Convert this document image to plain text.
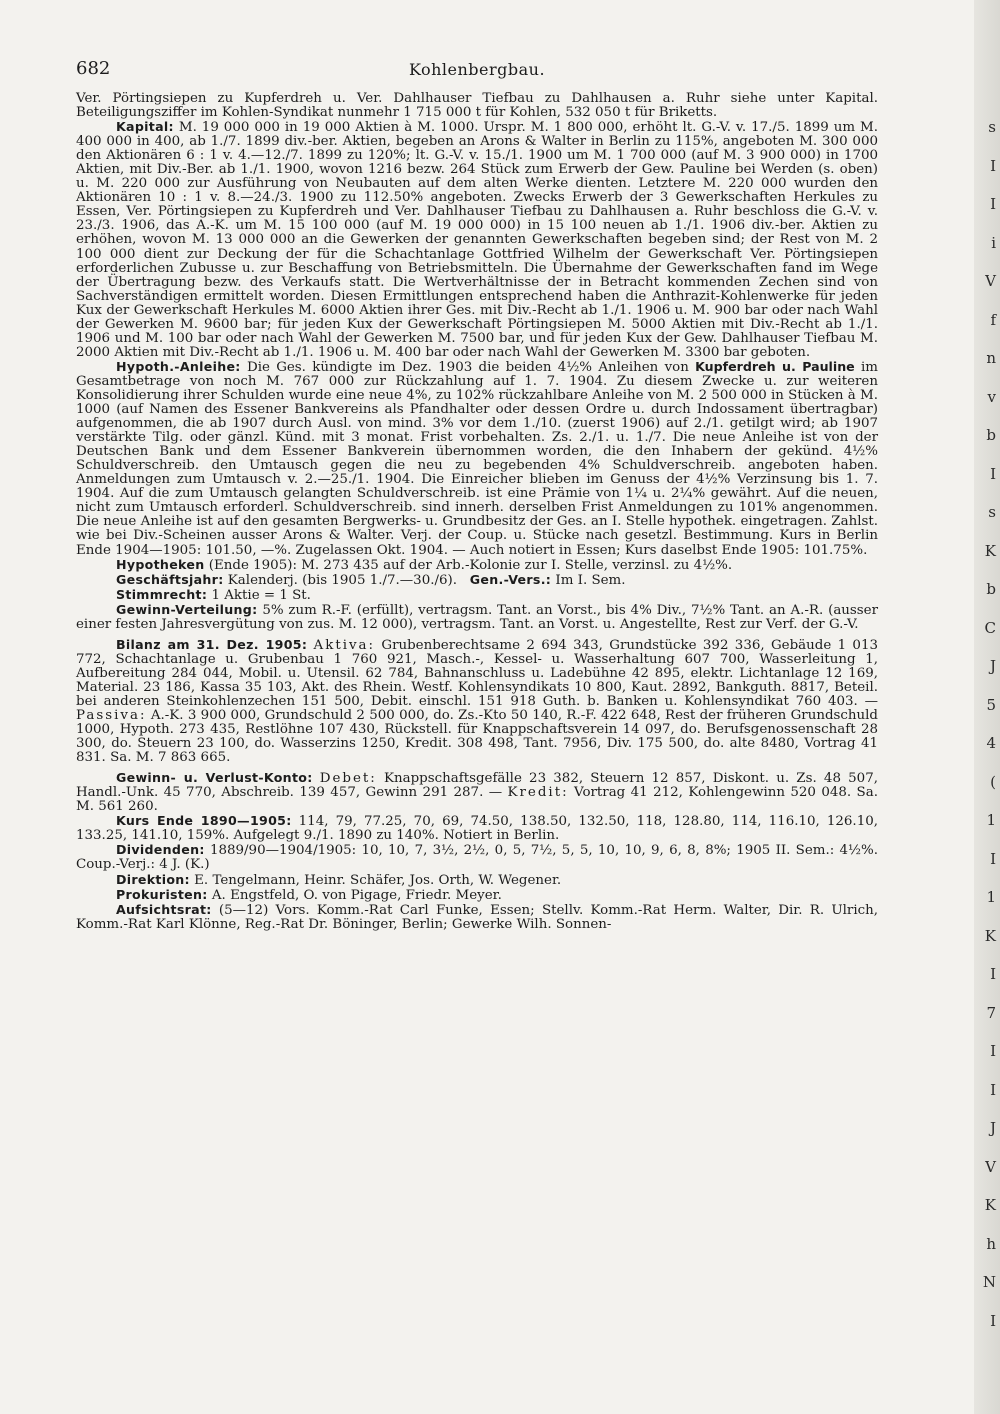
s
I
I
i
V
f
n
v
b
I
s
K
b
C
J
5
4
(
1
I
1
K
I
7
I
I
J
V
K
h
N
I
682	Kohlenbergbau.

Ver. Pörtingsiepen zu Kupferdreh u. Ver. Dahlhauser Tiefbau zu Dahlhausen a. Ruhr siehe unter Kapital. Beteiligungsziffer im Kohlen-Syndikat nunmehr 1 715 000 t für Kohlen, 532 050 t für Briketts.

Kapital: M. 19 000 000 in 19 000 Aktien à M. 1000. Urspr. M. 1 800 000, erhöht lt. G.-V. v. 17./5. 1899 um M. 400 000 in 400, ab 1./7. 1899 div.-ber. Aktien, begeben an Arons & Walter in Berlin zu 115%, angeboten M. 300 000 den Aktionären 6 : 1 v. 4.—12./7. 1899 zu 120%; lt. G.-V. v. 15./1. 1900 um M. 1 700 000 (auf M. 3 900 000) in 1700 Aktien, mit Div.-Ber. ab 1./1. 1900, wovon 1216 bezw. 264 Stück zum Erwerb der Gew. Pauline bei Werden (s. oben) u. M. 220 000 zur Ausführung von Neubauten auf dem alten Werke dienten. Letztere M. 220 000 wurden den Aktionären 10 : 1 v. 8.—24./3. 1900 zu 112.50% angeboten. Zwecks Erwerb der 3 Gewerkschaften Herkules zu Essen, Ver. Pörtingsiepen zu Kupferdreh und Ver. Dahlhauser Tiefbau zu Dahlhausen a. Ruhr beschloss die G.-V. v. 23./3. 1906, das A.-K. um M. 15 100 000 (auf M. 19 000 000) in 15 100 neuen ab 1./1. 1906 div.-ber. Aktien zu erhöhen, wovon M. 13 000 000 an die Gewerken der genannten Gewerkschaften begeben sind; der Rest von M. 2 100 000 dient zur Deckung der für die Schachtanlage Gottfried Wilhelm der Gewerkschaft Ver. Pörtingsiepen erforderlichen Zubusse u. zur Beschaffung von Betriebsmitteln. Die Übernahme der Gewerkschaften fand im Wege der Übertragung bezw. des Verkaufs statt. Die Wertverhältnisse der in Betracht kommenden Zechen sind von Sachverständigen ermittelt worden. Diesen Ermittlungen entsprechend haben die Anthrazit-Kohlenwerke für jeden Kux der Gewerkschaft Herkules M. 6000 Aktien ihrer Ges. mit Div.-Recht ab 1./1. 1906 u. M. 900 bar oder nach Wahl der Gewerken M. 9600 bar; für jeden Kux der Gewerkschaft Pörtingsiepen M. 5000 Aktien mit Div.-Recht ab 1./1. 1906 und M. 100 bar oder nach Wahl der Gewerken M. 7500 bar, und für jeden Kux der Gew. Dahlhauser Tiefbau M. 2000 Aktien mit Div.-Recht ab 1./1. 1906 u. M. 400 bar oder nach Wahl der Gewerken M. 3300 bar geboten.

Hypoth.-Anleihe: Die Ges. kündigte im Dez. 1903 die beiden 4½% Anleihen von Kupferdreh u. Pauline im Gesamtbetrage von noch M. 767 000 zur Rückzahlung auf 1. 7. 1904. Zu diesem Zwecke u. zur weiteren Konsolidierung ihrer Schulden wurde eine neue 4%, zu 102% rückzahlbare Anleihe von M. 2 500 000 in Stücken à M. 1000 (auf Namen des Essener Bankvereins als Pfandhalter oder dessen Ordre u. durch Indossament übertragbar) aufgenommen, die ab 1907 durch Ausl. von mind. 3% vor dem 1./10. (zuerst 1906) auf 2./1. getilgt wird; ab 1907 verstärkte Tilg. oder gänzl. Künd. mit 3 monat. Frist vorbehalten. Zs. 2./1. u. 1./7. Die neue Anleihe ist von der Deutschen Bank und dem Essener Bankverein übernommen worden, die den Inhabern der gekünd. 4½% Schuldverschreib. den Umtausch gegen die neu zu begebenden 4% Schuldverschreib. angeboten haben. Anmeldungen zum Umtausch v. 2.—25./1. 1904. Die Einreicher blieben im Genuss der 4½% Verzinsung bis 1. 7. 1904. Auf die zum Umtausch gelangten Schuldverschreib. ist eine Prämie von 1¼ u. 2¼% gewährt. Auf die neuen, nicht zum Umtausch erforderl. Schuldverschreib. sind innerh. derselben Frist Anmeldungen zu 101% angenommen. Die neue Anleihe ist auf den gesamten Bergwerks- u. Grundbesitz der Ges. an I. Stelle hypothek. eingetragen. Zahlst. wie bei Div.-Scheinen ausser Arons & Walter. Verj. der Coup. u. Stücke nach gesetzl. Bestimmung. Kurs in Berlin Ende 1904—1905: 101.50, —%. Zugelassen Okt. 1904. — Auch notiert in Essen; Kurs daselbst Ende 1905: 101.75%.

Hypotheken (Ende 1905): M. 273 435 auf der Arb.-Kolonie zur I. Stelle, verzinsl. zu 4½%.

Geschäftsjahr: Kalenderj. (bis 1905 1./7.—30./6). Gen.-Vers.: Im I. Sem.

Stimmrecht: 1 Aktie = 1 St.

Gewinn-Verteilung: 5% zum R.-F. (erfüllt), vertragsm. Tant. an Vorst., bis 4% Div., 7½% Tant. an A.-R. (ausser einer festen Jahresvergütung von zus. M. 12 000), vertragsm. Tant. an Vorst. u. Angestellte, Rest zur Verf. der G.-V.

Bilanz am 31. Dez. 1905: Aktiva: Grubenberechtsame 2 694 343, Grundstücke 392 336, Gebäude 1 013 772, Schachtanlage u. Grubenbau 1 760 921, Masch.-, Kessel- u. Wasserhaltung 607 700, Wasserleitung 1, Aufbereitung 284 044, Mobil. u. Utensil. 62 784, Bahnanschluss u. Ladebühne 42 895, elektr. Lichtanlage 12 169, Material. 23 186, Kassa 35 103, Akt. des Rhein. Westf. Kohlensyndikats 10 800, Kaut. 2892, Bankguth. 8817, Beteil. bei anderen Steinkohlenzechen 151 500, Debit. einschl. 151 918 Guth. b. Banken u. Kohlensyndikat 760 403. — Passiva: A.-K. 3 900 000, Grundschuld 2 500 000, do. Zs.-Kto 50 140, R.-F. 422 648, Rest der früheren Grundschuld 1000, Hypoth. 273 435, Restlöhne 107 430, Rückstell. für Knappschaftsverein 14 097, do. Berufsgenossenschaft 28 300, do. Steuern 23 100, do. Wasserzins 1250, Kredit. 308 498, Tant. 7956, Div. 175 500, do. alte 8480, Vortrag 41 831. Sa. M. 7 863 665.

Gewinn- u. Verlust-Konto: Debet: Knappschaftsgefälle 23 382, Steuern 12 857, Diskont. u. Zs. 48 507, Handl.-Unk. 45 770, Abschreib. 139 457, Gewinn 291 287. — Kredit: Vortrag 41 212, Kohlengewinn 520 048. Sa. M. 561 260.

Kurs Ende 1890—1905: 114, 79, 77.25, 70, 69, 74.50, 138.50, 132.50, 118, 128.80, 114, 116.10, 126.10, 133.25, 141.10, 159%. Aufgelegt 9./1. 1890 zu 140%. Notiert in Berlin.

Dividenden: 1889/90—1904/1905: 10, 10, 7, 3½, 2½, 0, 5, 7½, 5, 5, 10, 10, 9, 6, 8, 8%; 1905 II. Sem.: 4½%. Coup.-Verj.: 4 J. (K.)

Direktion: E. Tengelmann, Heinr. Schäfer, Jos. Orth, W. Wegener.

Prokuristen: A. Engstfeld, O. von Pigage, Friedr. Meyer.

Aufsichtsrat: (5—12) Vors. Komm.-Rat Carl Funke, Essen; Stellv. Komm.-Rat Herm. Walter, Dir. R. Ulrich, Komm.-Rat Karl Klönne, Reg.-Rat Dr. Böninger, Berlin; Gewerke Wilh. Sonnen-
